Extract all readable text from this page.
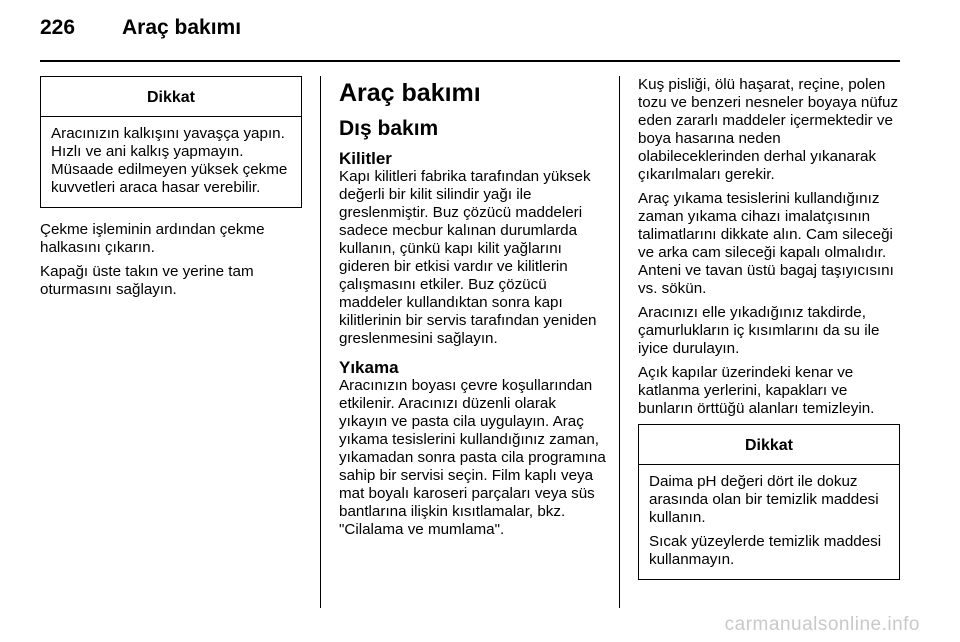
226 Araç bakımı
Dikkat

Aracınızın kalkışını yavaşça yapın. Hızlı ve ani kalkış yapmayın. Müsaade edilmeyen yüksek çekme kuvvetleri araca hasar verebilir.

Çekme işleminin ardından çekme halkasını çıkarın.

Kapağı üste takın ve yerine tam oturmasını sağlayın.

Araç bakımı
Dış bakım
Kilitler

Kapı kilitleri fabrika tarafından yüksek değerli bir kilit silindir yağı ile greslenmiştir. Buz çözücü maddeleri sadece mecbur kalınan durumlarda kullanın, çünkü kapı kilit yağlarını gideren bir etkisi vardır ve kilitlerin çalışmasını etkiler. Buz çözücü maddeler kullandıktan sonra kapı kilitlerinin bir servis tarafından yeniden greslenmesini sağlayın.

Yıkama

Aracınızın boyası çevre koşullarından etkilenir. Aracınızı düzenli olarak yıkayın ve pasta cila uygulayın. Araç yıkama tesislerini kullandığınız zaman, yıkamadan sonra pasta cila programına sahip bir servisi seçin. Film kaplı veya mat boyalı karoseri parçaları veya süs bantlarına ilişkin kısıtlamalar, bkz. "Cilalama ve mumlama".

Kuş pisliği, ölü haşarat, reçine, polen tozu ve benzeri nesneler boyaya nüfuz eden zararlı maddeler içermektedir ve boya hasarına neden olabileceklerinden derhal yıkanarak çıkarılmaları gerekir.

Araç yıkama tesislerini kullandığınız zaman yıkama cihazı imalatçısının talimatlarını dikkate alın. Cam sileceği ve arka cam sileceği kapalı olmalıdır. Anteni ve tavan üstü bagaj taşıyıcısını vs. sökün.

Aracınızı elle yıkadığınız takdirde, çamurlukların iç kısımlarını da su ile iyice durulayın.

Açık kapılar üzerindeki kenar ve katlanma yerlerini, kapakları ve bunların örttüğü alanları temizleyin.

Dikkat

Daima pH değeri dört ile dokuz arasında olan bir temizlik maddesi kullanın.

Sıcak yüzeylerde temizlik maddesi kullanmayın.

carmanualsonline.info
